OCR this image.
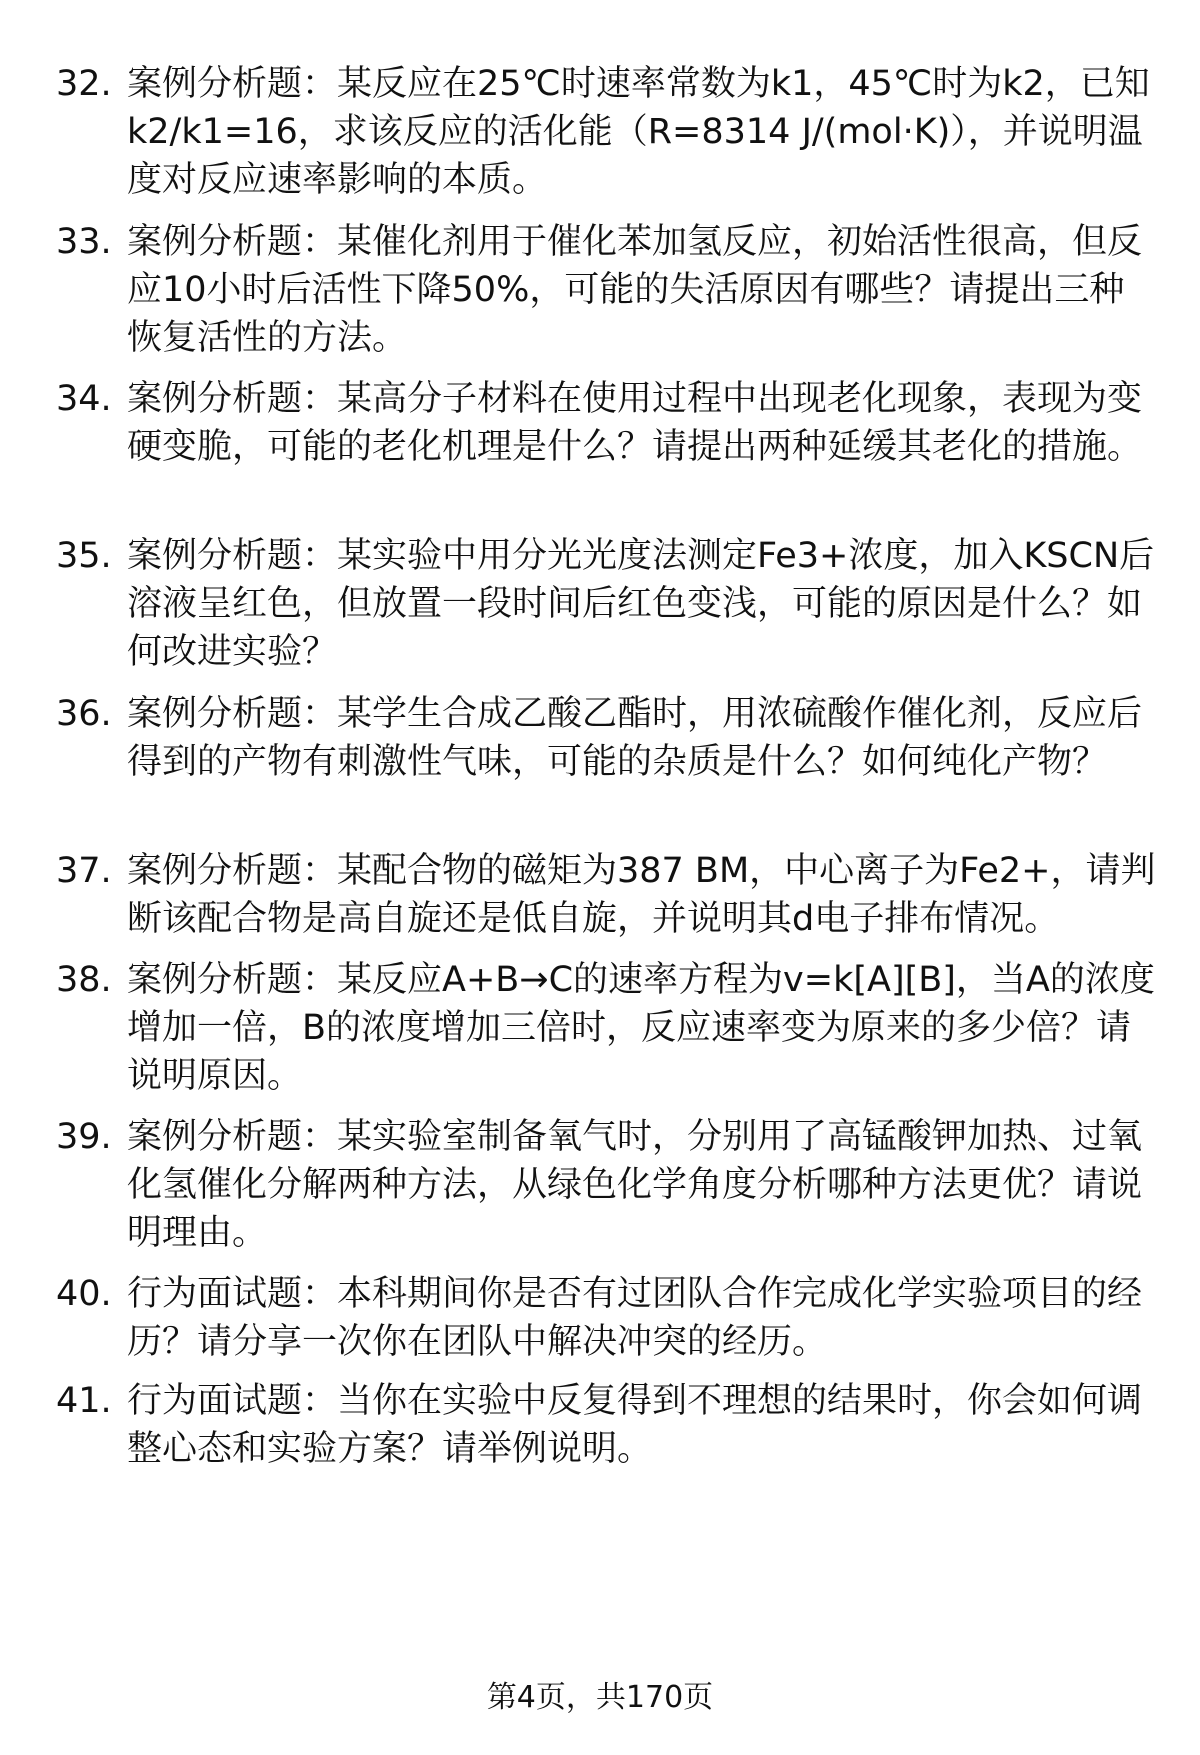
32. 案例分析题：某反应在25℃时速率常数为k1，45℃时为k2，已知k2/k1=16，求该反应的活化能（R=8314 J/(mol·K)），并说明温度对反应速率影响的本质。
33. 案例分析题：某催化剂用于催化苯加氢反应，初始活性很高，但反应10小时后活性下降50%，可能的失活原因有哪些？请提出三种恢复活性的方法。
34. 案例分析题：某高分子材料在使用过程中出现老化现象，表现为变硬变脆，可能的老化机理是什么？请提出两种延缓其老化的措施。
35. 案例分析题：某实验中用分光光度法测定Fe3+浓度，加入KSCN后溶液呈红色，但放置一段时间后红色变浅，可能的原因是什么？如何改进实验？
36. 案例分析题：某学生合成乙酸乙酯时，用浓硫酸作催化剂，反应后得到的产物有刺激性气味，可能的杂质是什么？如何纯化产物？
37. 案例分析题：某配合物的磁矩为387 BM，中心离子为Fe2+，请判断该配合物是高自旋还是低自旋，并说明其d电子排布情况。
38. 案例分析题：某反应A+B→C的速率方程为v=k[A][B]，当A的浓度增加一倍，B的浓度增加三倍时，反应速率变为原来的多少倍？请说明原因。
39. 案例分析题：某实验室制备氧气时，分别用了高锰酸钾加热、过氧化氢催化分解两种方法，从绿色化学角度分析哪种方法更优？请说明理由。
40. 行为面试题：本科期间你是否有过团队合作完成化学实验项目的经历？请分享一次你在团队中解决冲突的经历。
41. 行为面试题：当你在实验中反复得到不理想的结果时，你会如何调整心态和实验方案？请举例说明。
第4页，共170页
